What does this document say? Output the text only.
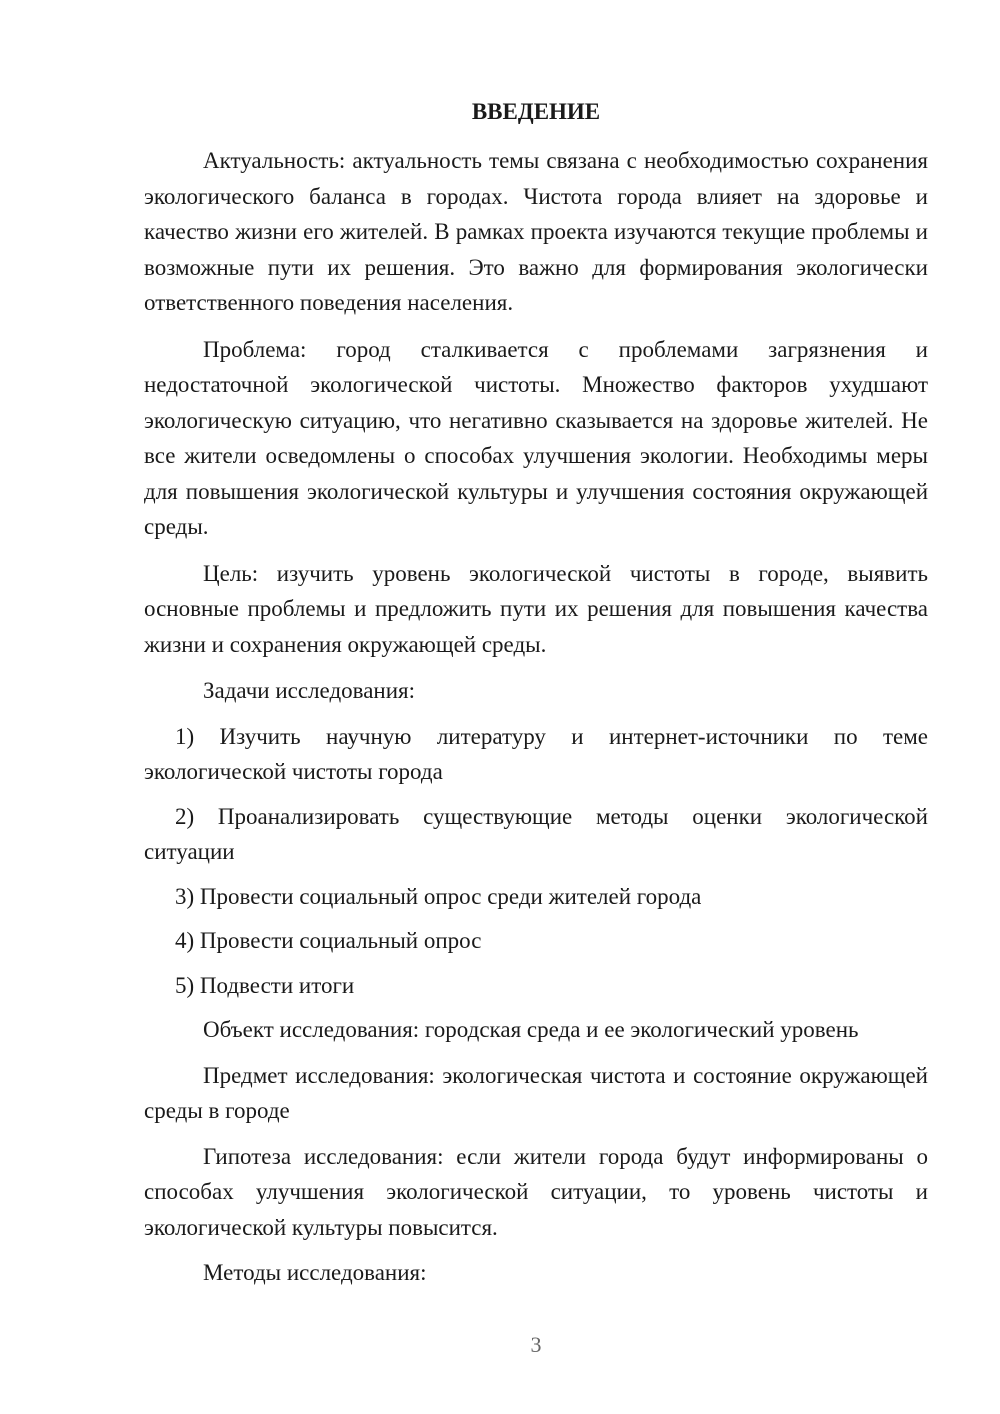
ВВЕДЕНИЕ

Актуальность: актуальность темы связана с необходимостью сохранения экологического баланса в городах. Чистота города влияет на здоровье и качество жизни его жителей. В рамках проекта изучаются текущие проблемы и возможные пути их решения. Это важно для формирования экологически ответственного поведения населения.

Проблема: город сталкивается с проблемами загрязнения и недостаточной экологической чистоты. Множество факторов ухудшают экологическую ситуацию, что негативно сказывается на здоровье жителей. Не все жители осведомлены о способах улучшения экологии. Необходимы меры для повышения экологической культуры и улучшения состояния окружающей среды.

Цель: изучить уровень экологической чистоты в городе, выявить основные проблемы и предложить пути их решения для повышения качества жизни и сохранения окружающей среды.

Задачи исследования:

1) Изучить научную литературу и интернет-источники по теме экологической чистоты города

2) Проанализировать существующие методы оценки экологической ситуации

3) Провести социальный опрос среди жителей города

4) Провести социальный опрос

5) Подвести итоги

Объект исследования: городская среда и ее экологический уровень

Предмет исследования: экологическая чистота и состояние окружающей среды в городе

Гипотеза исследования: если жители города будут информированы о способах улучшения экологической ситуации, то уровень чистоты и экологической культуры повысится.

Методы исследования:

3
